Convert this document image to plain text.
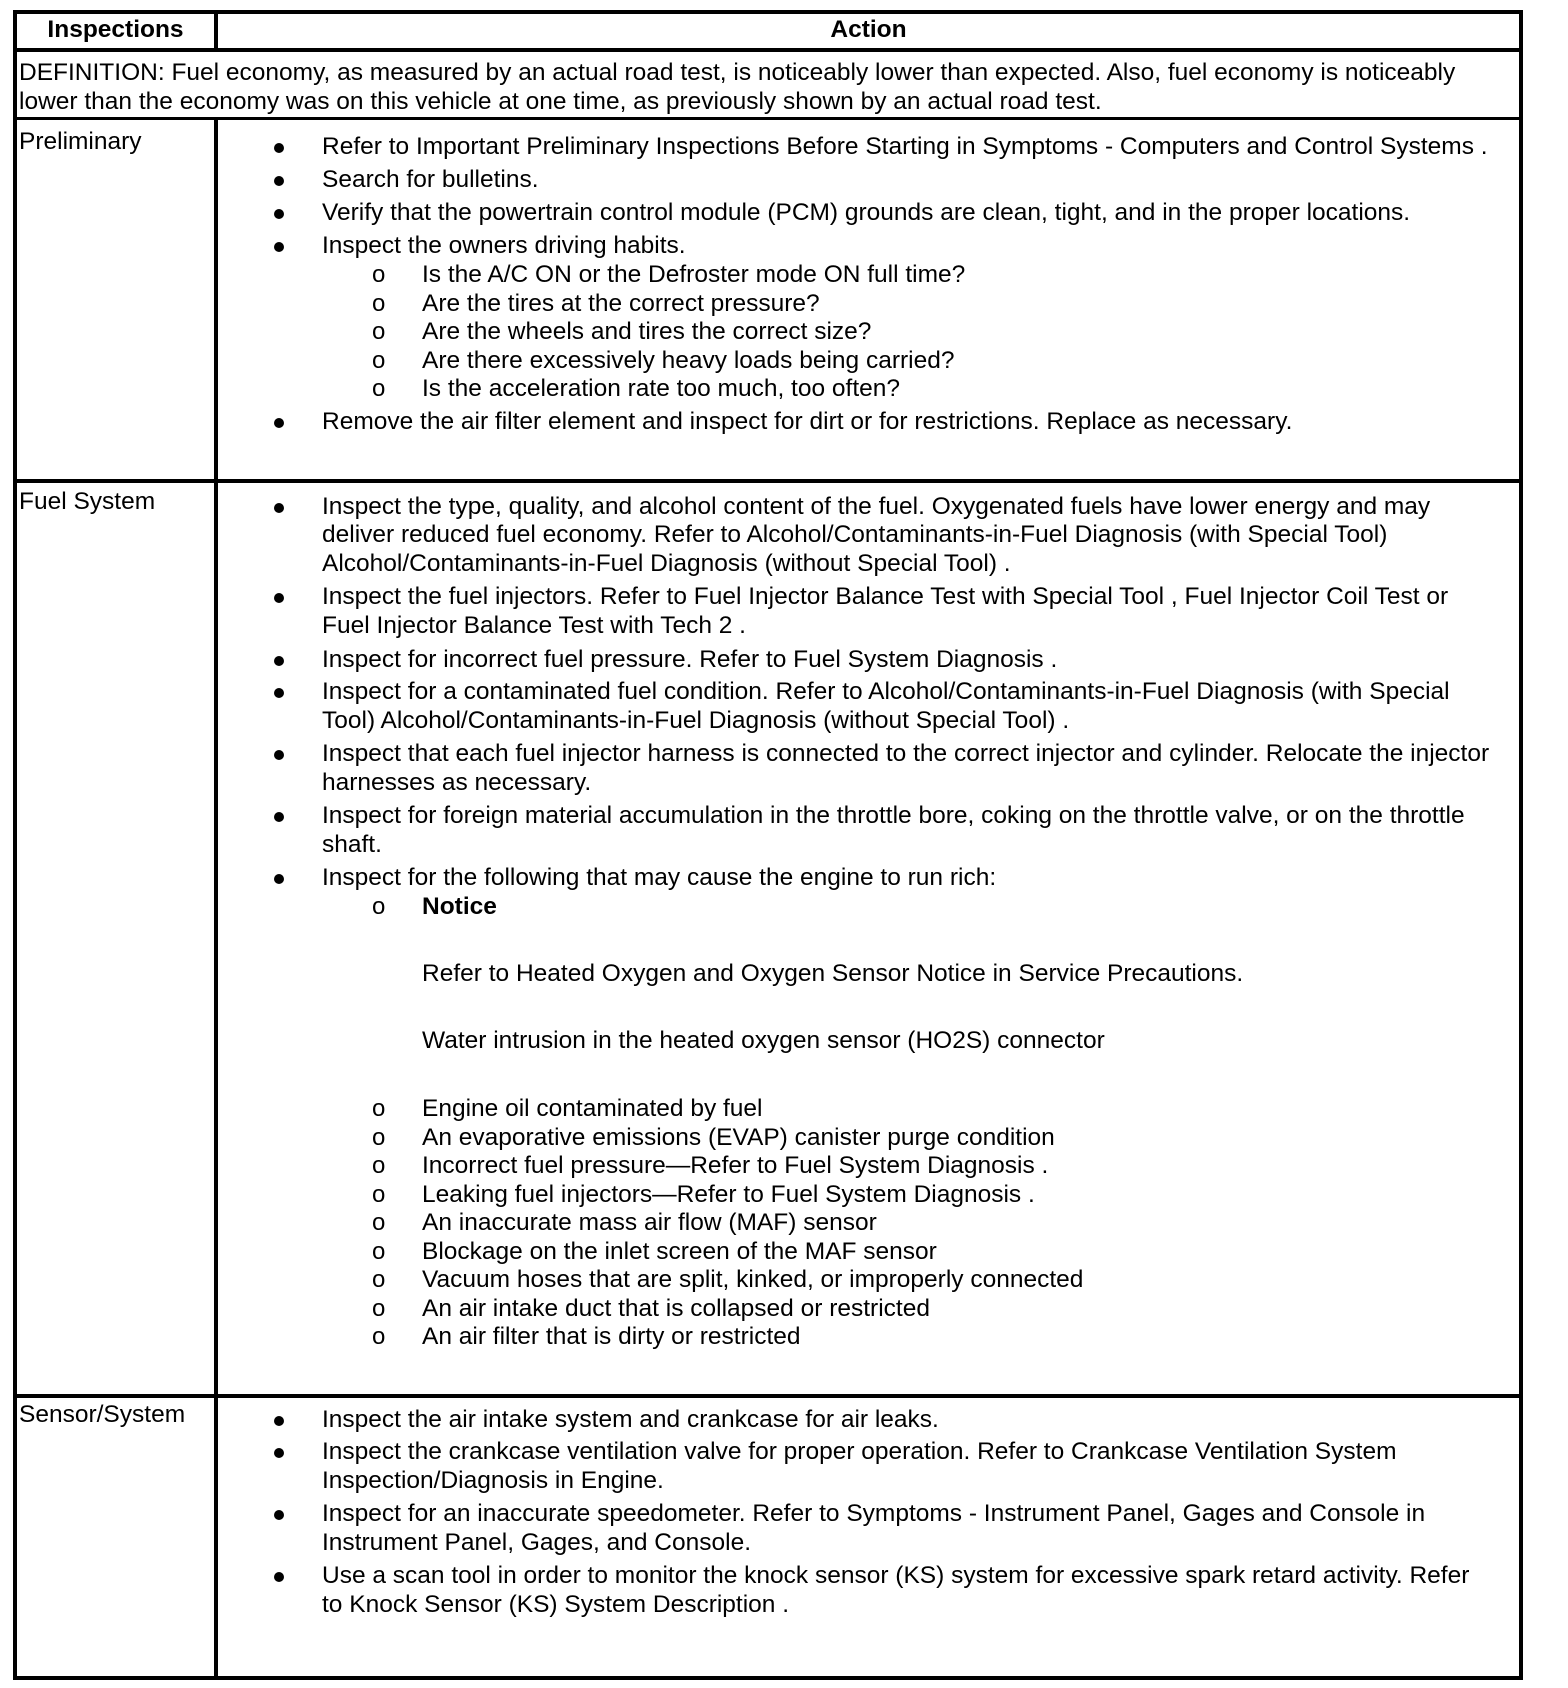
Inspections	Action
DEFINITION: Fuel economy, as measured by an actual road test, is noticeably lower than expected. Also, fuel economy is noticeably
lower than the economy was on this vehicle at one time, as previously shown by an actual road test.
Preliminary
Fuel System
Sensor/System
Refer to Important Preliminary Inspections Before Starting in Symptoms - Computers and Control Systems .
Search for bulletins.
Verify that the powertrain control module (PCM) grounds are clean, tight, and in the proper locations.
Inspect the owners driving habits.
o Is the A/C ON or the Defroster mode ON full time?
o Are the tires at the correct pressure?
o Are the wheels and tires the correct size?
o Are there excessively heavy loads being carried?
o Is the acceleration rate too much, too often?
Remove the air filter element and inspect for dirt or for restrictions. Replace as necessary.
Inspect the type, quality, and alcohol content of the fuel. Oxygenated fuels have lower energy and may
deliver reduced fuel economy. Refer to Alcohol/Contaminants-in-Fuel Diagnosis (with Special Tool)
Alcohol/Contaminants-in-Fuel Diagnosis (without Special Tool) .
Inspect the fuel injectors. Refer to Fuel Injector Balance Test with Special Tool , Fuel Injector Coil Test or
Fuel Injector Balance Test with Tech 2 .
Inspect for incorrect fuel pressure. Refer to Fuel System Diagnosis .
Inspect for a contaminated fuel condition. Refer to Alcohol/Contaminants-in-Fuel Diagnosis (with Special
Tool) Alcohol/Contaminants-in-Fuel Diagnosis (without Special Tool) .
Inspect that each fuel injector harness is connected to the correct injector and cylinder. Relocate the injector
harnesses as necessary.
Inspect for foreign material accumulation in the throttle bore, coking on the throttle valve, or on the throttle
shaft.
Inspect for the following that may cause the engine to run rich:
o Notice
Refer to Heated Oxygen and Oxygen Sensor Notice in Service Precautions.
Water intrusion in the heated oxygen sensor (HO2S) connector
o Engine oil contaminated by fuel
o An evaporative emissions (EVAP) canister purge condition
o Incorrect fuel pressure—Refer to Fuel System Diagnosis .
o Leaking fuel injectors—Refer to Fuel System Diagnosis .
o An inaccurate mass air flow (MAF) sensor
o Blockage on the inlet screen of the MAF sensor
o Vacuum hoses that are split, kinked, or improperly connected
o An air intake duct that is collapsed or restricted
o An air filter that is dirty or restricted
Inspect the air intake system and crankcase for air leaks.
Inspect the crankcase ventilation valve for proper operation. Refer to Crankcase Ventilation System
Inspection/Diagnosis in Engine.
Inspect for an inaccurate speedometer. Refer to Symptoms - Instrument Panel, Gages and Console in
Instrument Panel, Gages, and Console.
Use a scan tool in order to monitor the knock sensor (KS) system for excessive spark retard activity. Refer
to Knock Sensor (KS) System Description .
